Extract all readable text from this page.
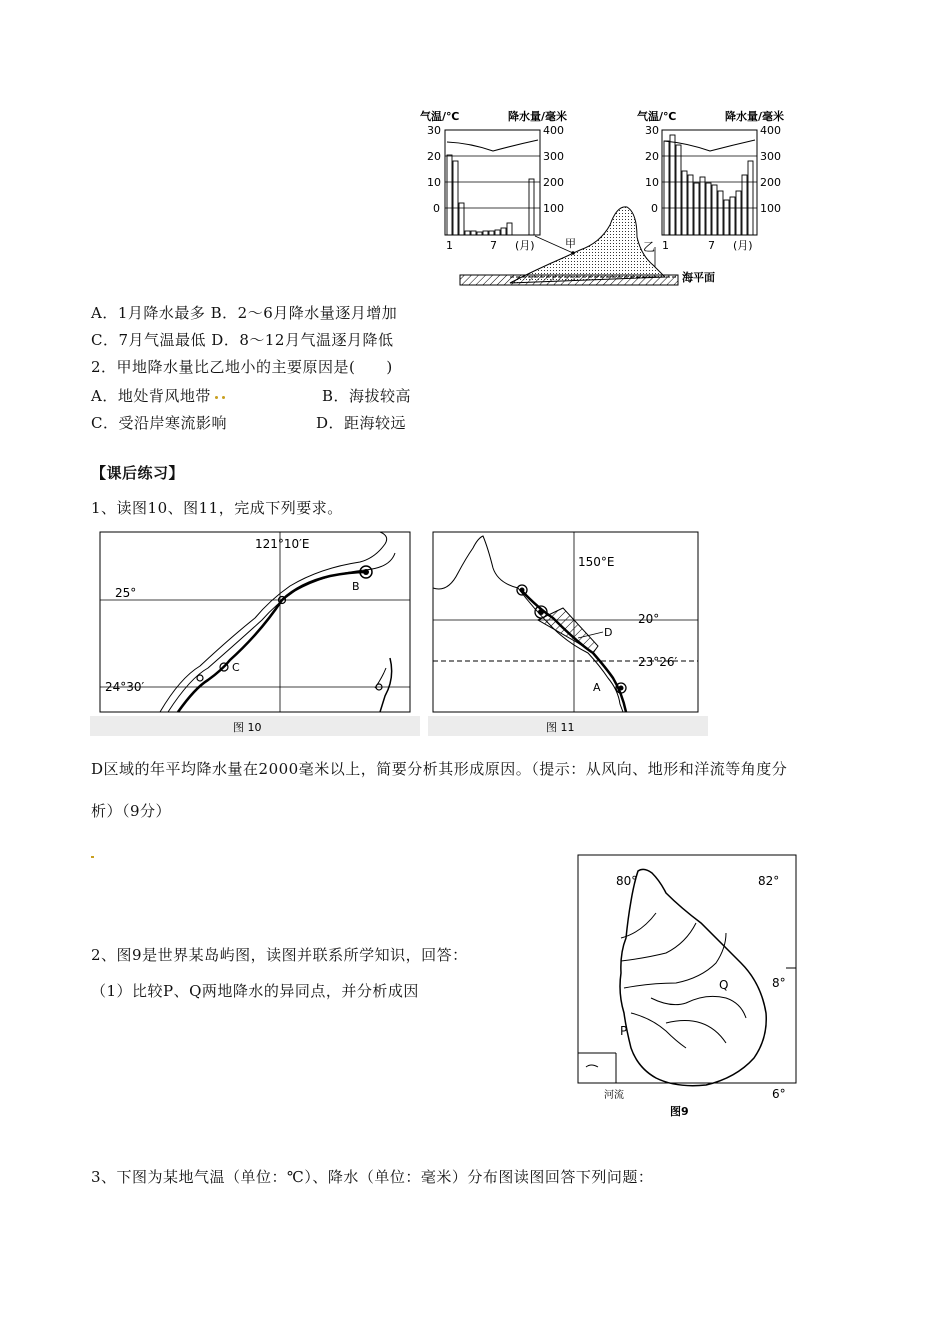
气温/℃	降水量/毫米
30
20
10
0
400
300
200
100
1	7 (月)
气温/℃	降水量/毫米
30
20
10
0
400
300
200
100
1	7 (月)
甲	乙
海平面
A．1月降水最多 B．2～6月降水量逐月增加
C．7月气温最低 D．8～12月气温逐月降低
2．甲地降水量比乙地小的主要原因是(　　)
A．地处背风地带	B．海拔较高
C．受沿岸寒流影响	D．距海较远
【课后练习】
1、读图10、图11，完成下列要求。
121°10′E
25°
24°30′
B
C
图 10
150°E
20°
23°26′
D
A
图 11
D区域的年平均降水量在2000毫米以上，简要分析其形成原因。（提示：从风向、地形和洋流等角度分
析）（9分）
2、图9是世界某岛屿图，读图并联系所学知识，回答：
（1）比较P、Q两地降水的异同点，并分析成因
80°	82°
8°
6°
Q
P
河流
图9
3、下图为某地气温（单位：℃）、降水（单位：毫米）分布图读图回答下列问题：
